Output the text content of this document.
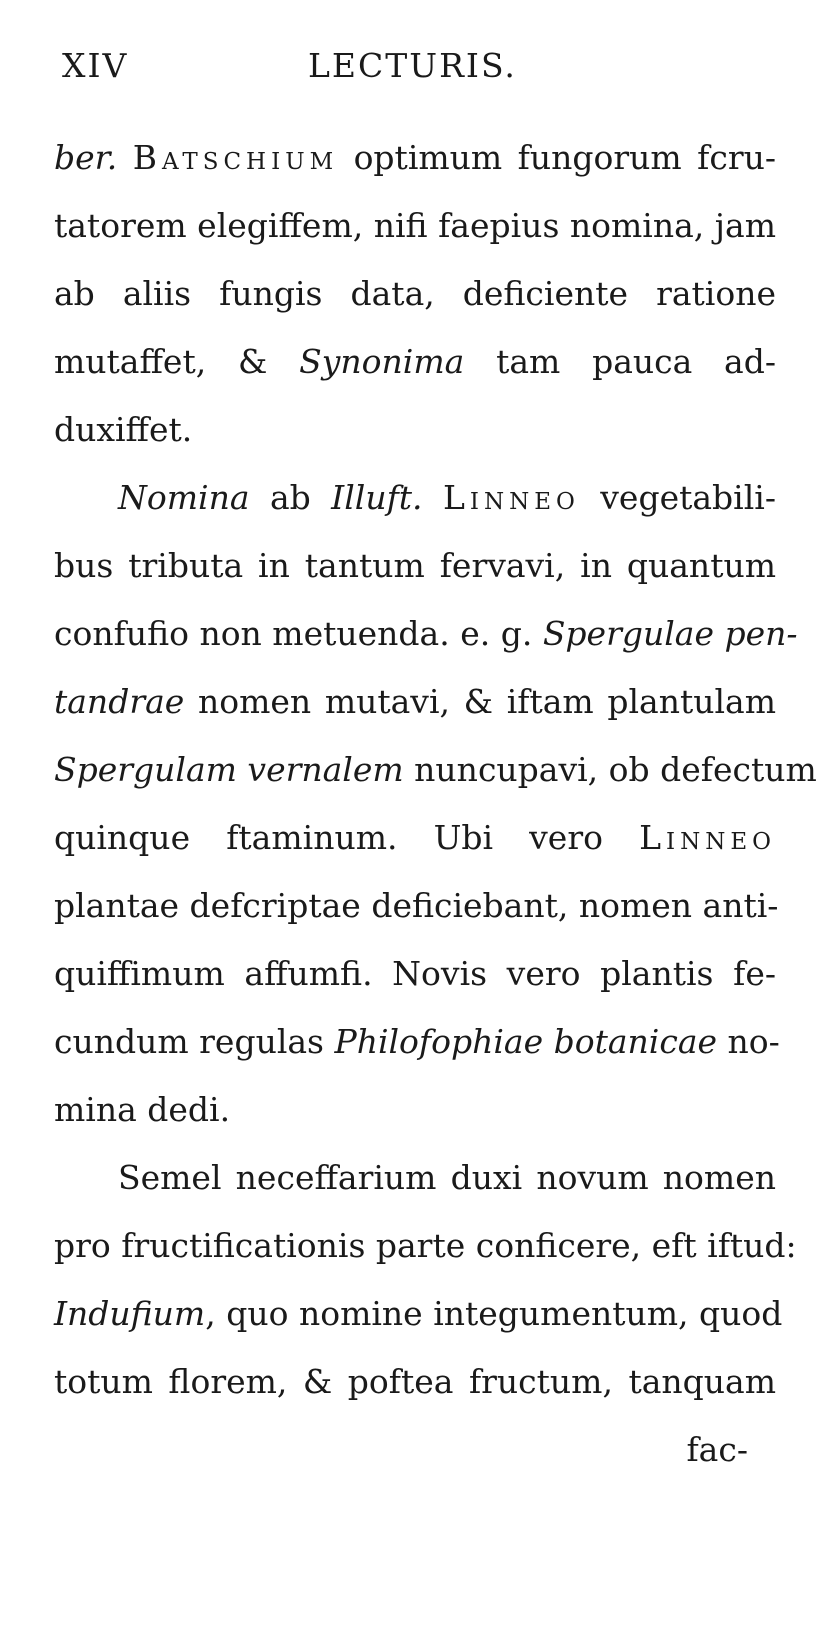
XIV	LECTURIS.
ber. Batschium optimum fungorum fcru-
tatorem elegiffem, nifi faepius nomina, jam
ab aliis fungis data, deficiente ratione
mutaffet, & Synonima tam pauca ad-
duxiffet.
Nomina ab Illuft. Linneo vegetabili-
bus tributa in tantum fervavi, in quantum
confufio non metuenda. e. g. Spergulae pen-
tandrae nomen mutavi, & iftam plantulam
Spergulam vernalem nuncupavi, ob defectum
quinque ftaminum. Ubi vero Linneo
plantae defcriptae deficiebant, nomen anti-
quiffimum affumfi. Novis vero plantis fe-
cundum regulas Philofophiae botanicae no-
mina dedi.
Semel neceffarium duxi novum nomen
pro fructificationis parte conficere, eft iftud:
Indufium, quo nomine integumentum, quod
totum florem, & poftea fructum, tanquam
fac-
